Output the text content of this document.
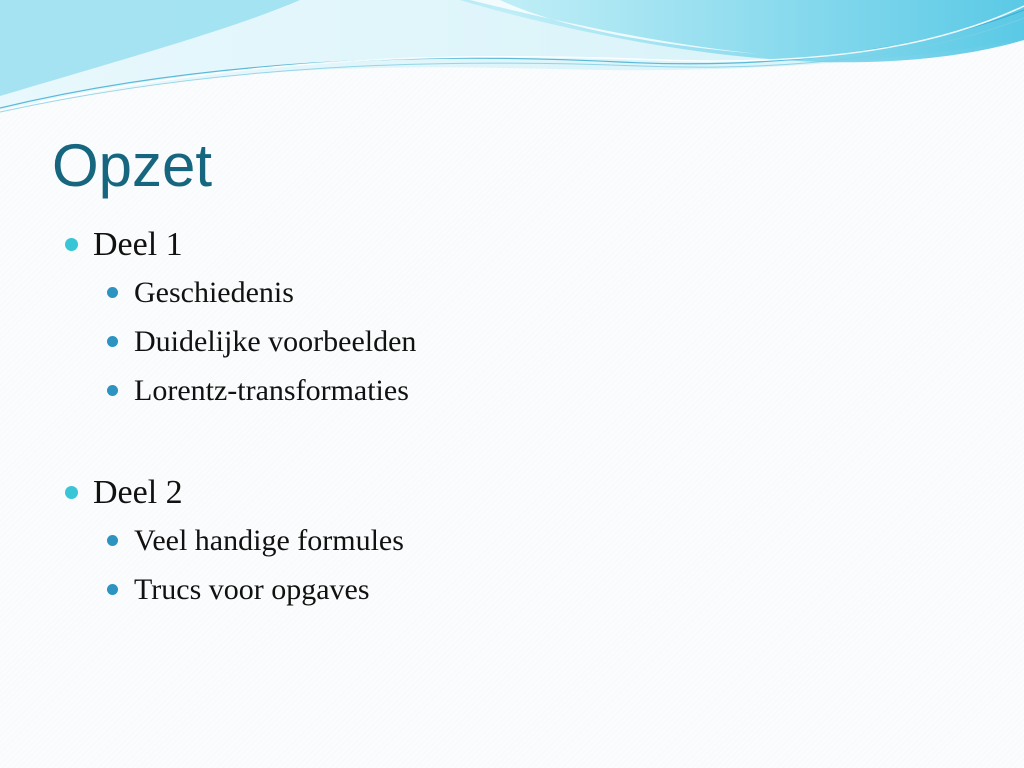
Opzet
Deel 1
Geschiedenis
Duidelijke voorbeelden
Lorentz-transformaties
Deel 2
Veel handige formules
Trucs voor opgaves
